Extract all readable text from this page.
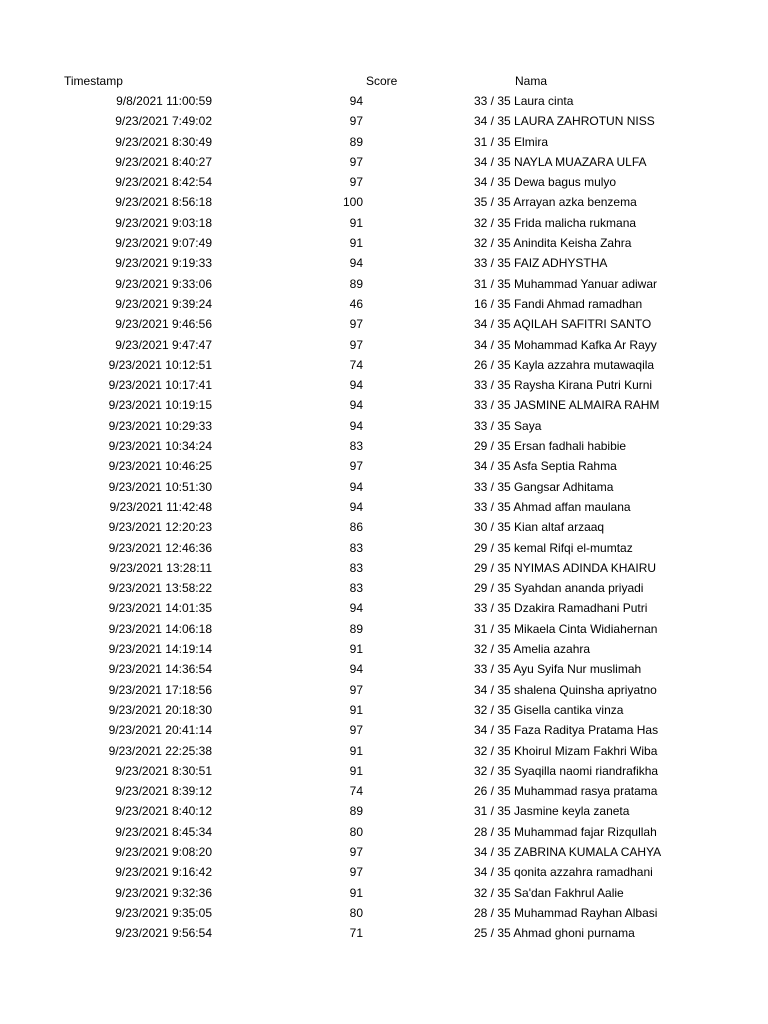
Timestamp	Score	Nama
9/8/2021 11:00:59	94	33 / 35 Laura cinta
9/23/2021 7:49:02	97	34 / 35 LAURA ZAHROTUN NISS
9/23/2021 8:30:49	89	31 / 35 Elmira
9/23/2021 8:40:27	97	34 / 35 NAYLA MUAZARA ULFA
9/23/2021 8:42:54	97	34 / 35 Dewa bagus mulyo
9/23/2021 8:56:18	100	35 / 35 Arrayan azka benzema
9/23/2021 9:03:18	91	32 / 35 Frida malicha rukmana
9/23/2021 9:07:49	91	32 / 35 Anindita Keisha Zahra
9/23/2021 9:19:33	94	33 / 35 FAIZ ADHYSTHA
9/23/2021 9:33:06	89	31 / 35 Muhammad Yanuar adiwar
9/23/2021 9:39:24	46	16 / 35 Fandi Ahmad ramadhan
9/23/2021 9:46:56	97	34 / 35 AQILAH SAFITRI SANTO
9/23/2021 9:47:47	97	34 / 35 Mohammad Kafka Ar Rayy
9/23/2021 10:12:51	74	26 / 35 Kayla azzahra mutawaqila
9/23/2021 10:17:41	94	33 / 35 Raysha Kirana Putri Kurni
9/23/2021 10:19:15	94	33 / 35 JASMINE ALMAIRA RAHM
9/23/2021 10:29:33	94	33 / 35 Saya
9/23/2021 10:34:24	83	29 / 35 Ersan fadhali habibie
9/23/2021 10:46:25	97	34 / 35 Asfa Septia Rahma
9/23/2021 10:51:30	94	33 / 35 Gangsar Adhitama
9/23/2021 11:42:48	94	33 / 35 Ahmad affan maulana
9/23/2021 12:20:23	86	30 / 35 Kian altaf arzaaq
9/23/2021 12:46:36	83	29 / 35 kemal Rifqi el-mumtaz
9/23/2021 13:28:11	83	29 / 35 NYIMAS ADINDA KHAIRU
9/23/2021 13:58:22	83	29 / 35 Syahdan ananda priyadi
9/23/2021 14:01:35	94	33 / 35 Dzakira Ramadhani Putri
9/23/2021 14:06:18	89	31 / 35 Mikaela Cinta Widiahernan
9/23/2021 14:19:14	91	32 / 35 Amelia azahra
9/23/2021 14:36:54	94	33 / 35 Ayu Syifa Nur muslimah
9/23/2021 17:18:56	97	34 / 35 shalena Quinsha apriyatno
9/23/2021 20:18:30	91	32 / 35 Gisella cantika vinza
9/23/2021 20:41:14	97	34 / 35 Faza Raditya Pratama Has
9/23/2021 22:25:38	91	32 / 35 Khoirul Mizam Fakhri Wiba
9/23/2021 8:30:51	91	32 / 35 Syaqilla naomi riandrafikha
9/23/2021 8:39:12	74	26 / 35 Muhammad rasya pratama
9/23/2021 8:40:12	89	31 / 35 Jasmine keyla zaneta
9/23/2021 8:45:34	80	28 / 35 Muhammad fajar Rizqullah
9/23/2021 9:08:20	97	34 / 35 ZABRINA KUMALA CAHYA
9/23/2021 9:16:42	97	34 / 35 qonita azzahra ramadhani
9/23/2021 9:32:36	91	32 / 35 Sa'dan Fakhrul Aalie
9/23/2021 9:35:05	80	28 / 35 Muhammad Rayhan Albasi
9/23/2021 9:56:54	71	25 / 35 Ahmad ghoni purnama
